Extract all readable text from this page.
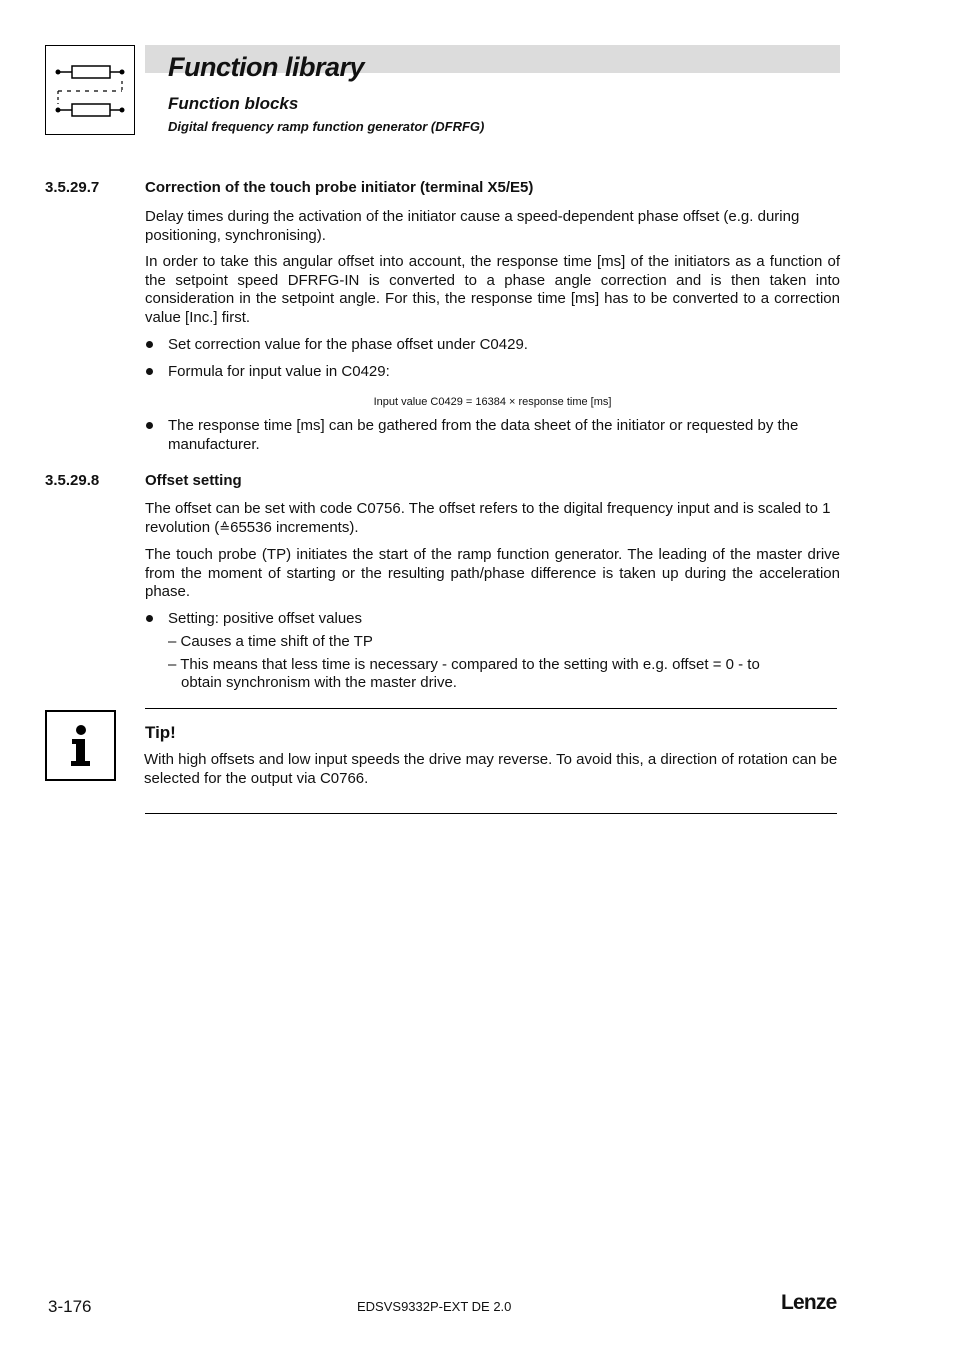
Function library
Function blocks
Digital frequency ramp function generator (DFRFG)
3.5.29.7	Correction of the touch probe initiator (terminal X5/E5)
Delay times during the activation of the initiator cause a speed-dependent phase offset (e.g. during positioning, synchronising).
In order to take this angular offset into account, the response time [ms] of the initiators as a function of the setpoint speed DFRFG-IN is converted to a phase angle correction and is then taken into consideration in the setpoint angle. For this, the response time [ms] has to be converted to a correction value [Inc.] first.
Set correction value for the phase offset under C0429.
Formula for input value in C0429:
Input value C0429 = 16384 × response time [ms]
The response time [ms] can be gathered from the data sheet of the initiator or requested by the manufacturer.
3.5.29.8	Offset setting
The offset can be set with code C0756. The offset refers to the digital frequency input and is scaled to 1 revolution (≙65536 increments).
The touch probe (TP) initiates the start of the ramp function generator. The leading of the master drive from the moment of starting or the resulting path/phase difference is taken up during the acceleration phase.
Setting: positive offset values
– Causes a time shift of the TP
– This means that less time is necessary - compared to the setting with e.g. offset = 0 - to
obtain synchronism with the master drive.
Tip!
With high offsets and low input speeds the drive may reverse. To avoid this, a direction of rotation can be selected for the output via C0766.
3-176	EDSVS9332P-EXT DE 2.0	Lenze
